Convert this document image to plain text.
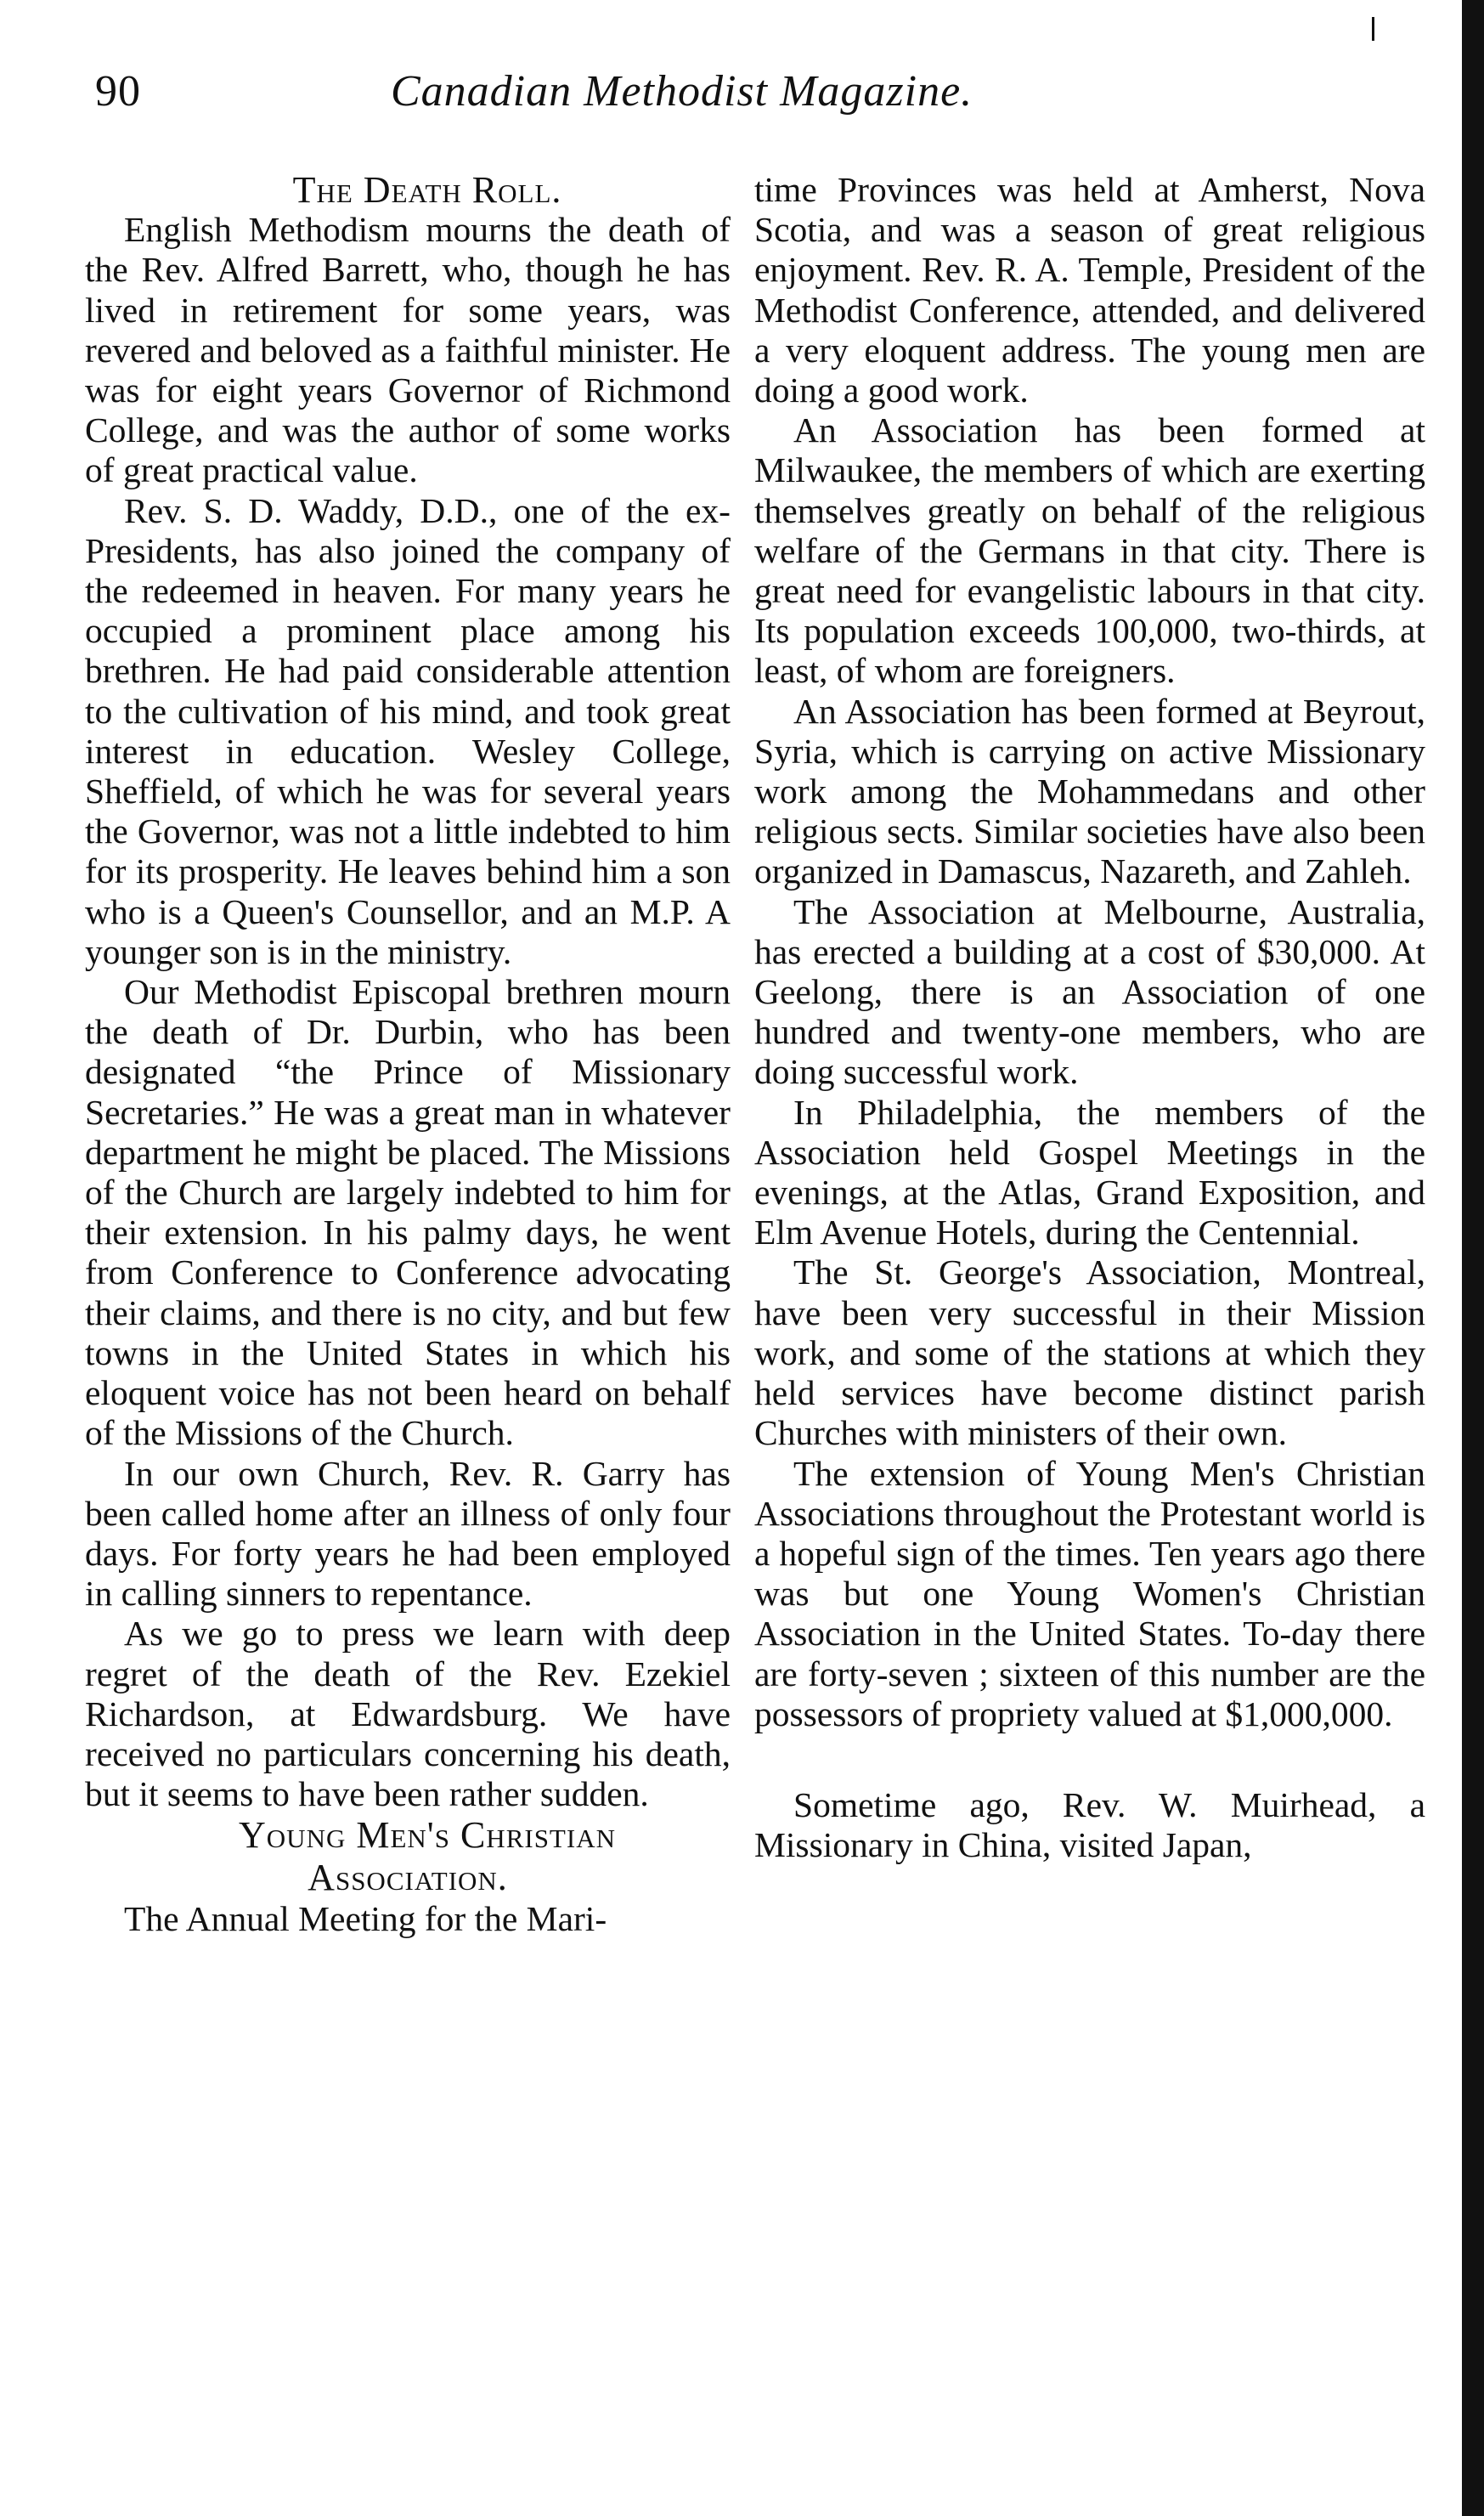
90	Canadian Methodist Magazine.

The Death Roll.

English Methodism mourns the death of the Rev. Alfred Barrett, who, though he has lived in retirement for some years, was revered and beloved as a faithful minister. He was for eight years Governor of Richmond College, and was the author of some works of great practical value.

Rev. S. D. Waddy, D.D., one of the ex-Presidents, has also joined the company of the redeemed in heaven. For many years he occupied a prominent place among his brethren. He had paid considerable attention to the cultivation of his mind, and took great interest in education. Wesley College, Sheffield, of which he was for several years the Governor, was not a little indebted to him for its prosperity. He leaves behind him a son who is a Queen's Counsellor, and an M.P. A younger son is in the ministry.

Our Methodist Episcopal brethren mourn the death of Dr. Durbin, who has been designated “the Prince of Missionary Secretaries.” He was a great man in whatever department he might be placed. The Missions of the Church are largely indebted to him for their extension. In his palmy days, he went from Conference to Conference advocating their claims, and there is no city, and but few towns in the United States in which his eloquent voice has not been heard on behalf of the Missions of the Church.

In our own Church, Rev. R. Garry has been called home after an illness of only four days. For forty years he had been employed in calling sinners to repentance.

As we go to press we learn with deep regret of the death of the Rev. Ezekiel Richardson, at Edwardsburg. We have received no particulars concerning his death, but it seems to have been rather sudden.

Young Men's Christian
Association.

The Annual Meeting for the Mari-

time Provinces was held at Amherst, Nova Scotia, and was a season of great religious enjoyment. Rev. R. A. Temple, President of the Methodist Conference, attended, and delivered a very eloquent address. The young men are doing a good work.

An Association has been formed at Milwaukee, the members of which are exerting themselves greatly on behalf of the religious welfare of the Germans in that city. There is great need for evangelistic labours in that city. Its population exceeds 100,000, two-thirds, at least, of whom are foreigners.

An Association has been formed at Beyrout, Syria, which is carrying on active Missionary work among the Mohammedans and other religious sects. Similar societies have also been organized in Damascus, Nazareth, and Zahleh.

The Association at Melbourne, Australia, has erected a building at a cost of $30,000. At Geelong, there is an Association of one hundred and twenty-one members, who are doing successful work.

In Philadelphia, the members of the Association held Gospel Meetings in the evenings, at the Atlas, Grand Exposition, and Elm Avenue Hotels, during the Centennial.

The St. George's Association, Montreal, have been very successful in their Mission work, and some of the stations at which they held services have become distinct parish Churches with ministers of their own.

The extension of Young Men's Christian Associations throughout the Protestant world is a hopeful sign of the times. Ten years ago there was but one Young Women's Christian Association in the United States. To-day there are forty-seven ; sixteen of this number are the possessors of propriety valued at $1,000,000.

Sometime ago, Rev. W. Muirhead, a Missionary in China, visited Japan,
